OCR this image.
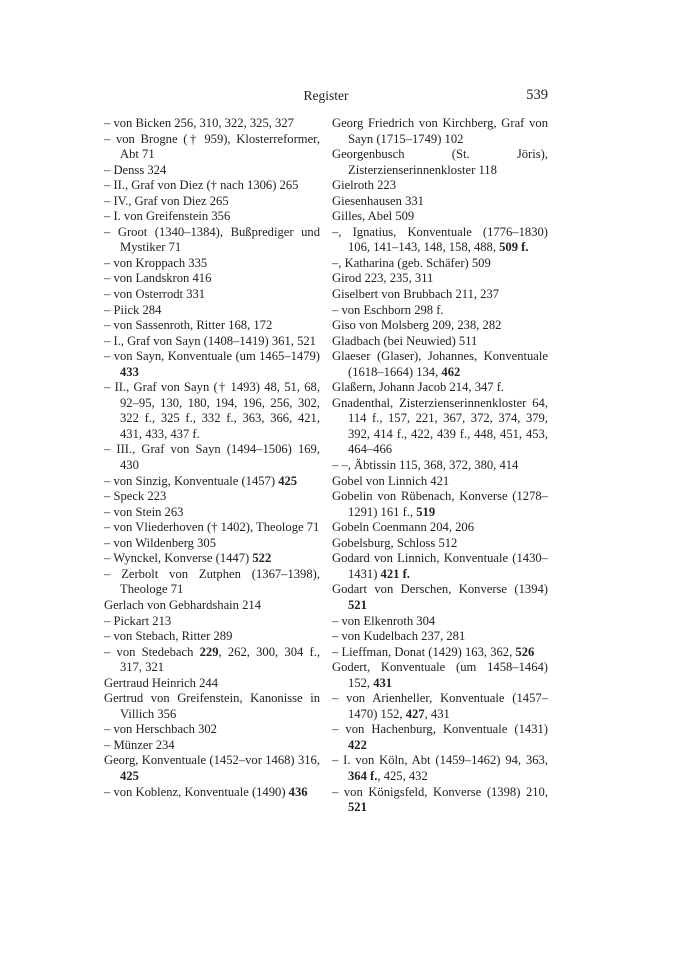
Register	539
– von Bicken 256, 310, 322, 325, 327
– von Brogne († 959), Klosterreformer, Abt 71
– Denss 324
– II., Graf von Diez († nach 1306) 265
– IV., Graf von Diez 265
– I. von Greifenstein 356
– Groot (1340–1384), Bußprediger und Mystiker 71
– von Kroppach 335
– von Landskron 416
– von Osterrodt 331
– Piick 284
– von Sassenroth, Ritter 168, 172
– I., Graf von Sayn (1408–1419) 361, 521
– von Sayn, Konventuale (um 1465–1479) 433
– II., Graf von Sayn († 1493) 48, 51, 68, 92–95, 130, 180, 194, 196, 256, 302, 322 f., 325 f., 332 f., 363, 366, 421, 431, 433, 437 f.
– III., Graf von Sayn (1494–1506) 169, 430
– von Sinzig, Konventuale (1457) 425
– Speck 223
– von Stein 263
– von Vliederhoven († 1402), Theologe 71
– von Wildenberg 305
– Wynckel, Konverse (1447) 522
– Zerbolt von Zutphen (1367–1398), Theologe 71
Gerlach von Gebhardshain 214
– Pickart 213
– von Stebach, Ritter 289
– von Stedebach 229, 262, 300, 304 f., 317, 321
Gertraud Heinrich 244
Gertrud von Greifenstein, Kanonisse in Villich 356
– von Herschbach 302
– Münzer 234
Georg, Konventuale (1452–vor 1468) 316, 425
– von Koblenz, Konventuale (1490) 436
Georg Friedrich von Kirchberg, Graf von Sayn (1715–1749) 102
Georgenbusch (St. Jöris), Zisterzienserinnenkloster 118
Gielroth 223
Giesenhausen 331
Gilles, Abel 509
–, Ignatius, Konventuale (1776–1830) 106, 141–143, 148, 158, 488, 509 f.
–, Katharina (geb. Schäfer) 509
Girod 223, 235, 311
Giselbert von Brubbach 211, 237
– von Eschborn 298 f.
Giso von Molsberg 209, 238, 282
Gladbach (bei Neuwied) 511
Glaeser (Glaser), Johannes, Konventuale (1618–1664) 134, 462
Glaßern, Johann Jacob 214, 347 f.
Gnadenthal, Zisterzienserinnenkloster 64, 114 f., 157, 221, 367, 372, 374, 379, 392, 414 f., 422, 439 f., 448, 451, 453, 464–466
– –, Äbtissin 115, 368, 372, 380, 414
Gobel von Linnich 421
Gobelin von Rübenach, Konverse (1278–1291) 161 f., 519
Gobeln Coenmann 204, 206
Gobelsburg, Schloss 512
Godard von Linnich, Konventuale (1430–1431) 421 f.
Godart von Derschen, Konverse (1394) 521
– von Elkenroth 304
– von Kudelbach 237, 281
– Lieffman, Donat (1429) 163, 362, 526
Godert, Konventuale (um 1458–1464) 152, 431
– von Arienheller, Konventuale (1457–1470) 152, 427, 431
– von Hachenburg, Konventuale (1431) 422
– I. von Köln, Abt (1459–1462) 94, 363, 364 f., 425, 432
– von Königsfeld, Konverse (1398) 210, 521
